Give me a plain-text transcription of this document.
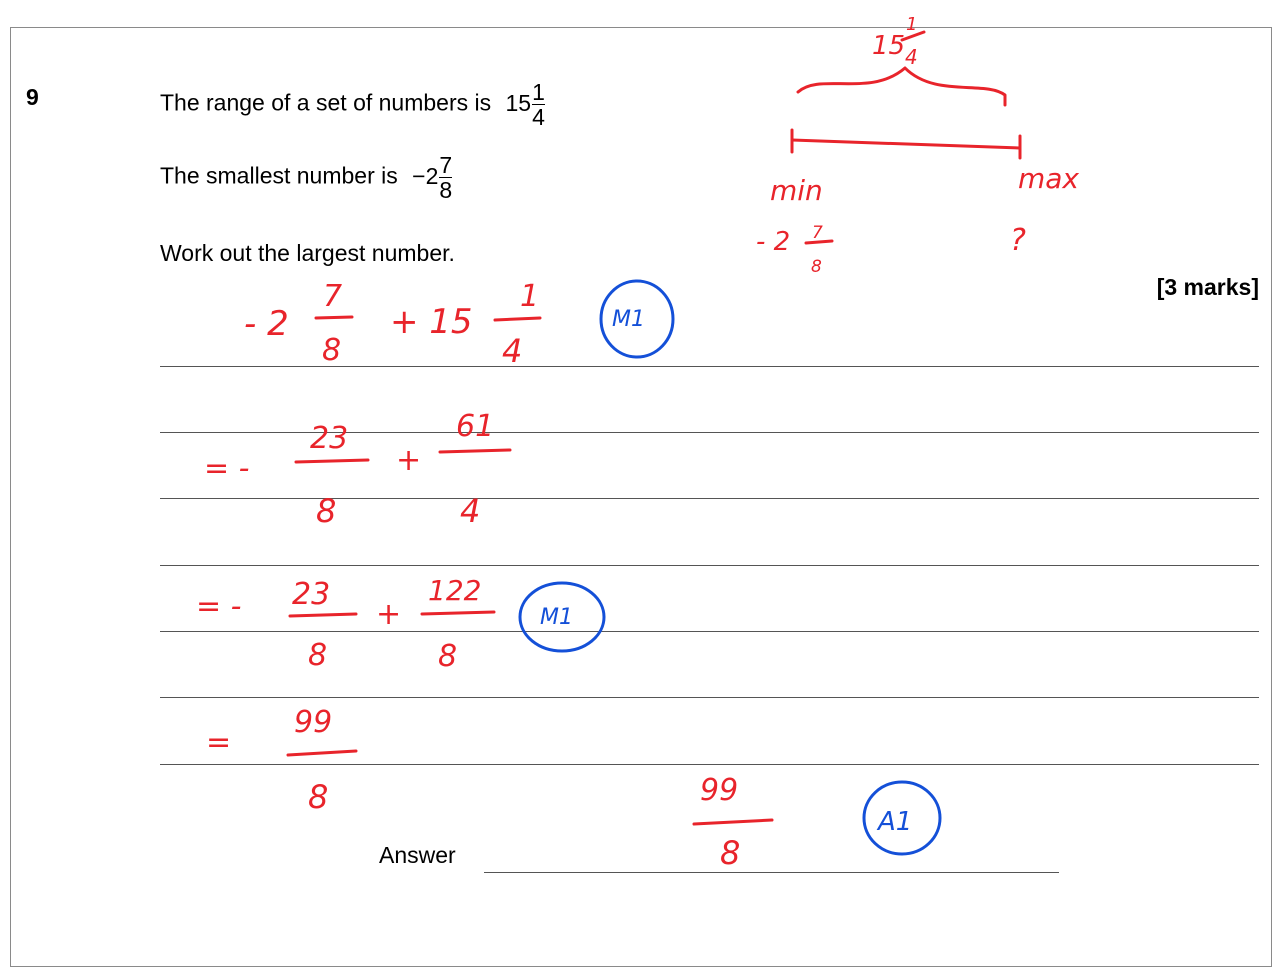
9	The range of a set of numbers is $15 \frac{1}{4}$
The smallest number is $-2 \frac{7}{8}$
Work out the largest number.
[3 marks]
Answer
15
1
4
min	max
- 2 7
8
?
- 2
7
8
+ 15
1
4
M1
= -
23
8
+
61
4
= - 23
8
+
122
8
M1
=
99
8	99
8
A1
